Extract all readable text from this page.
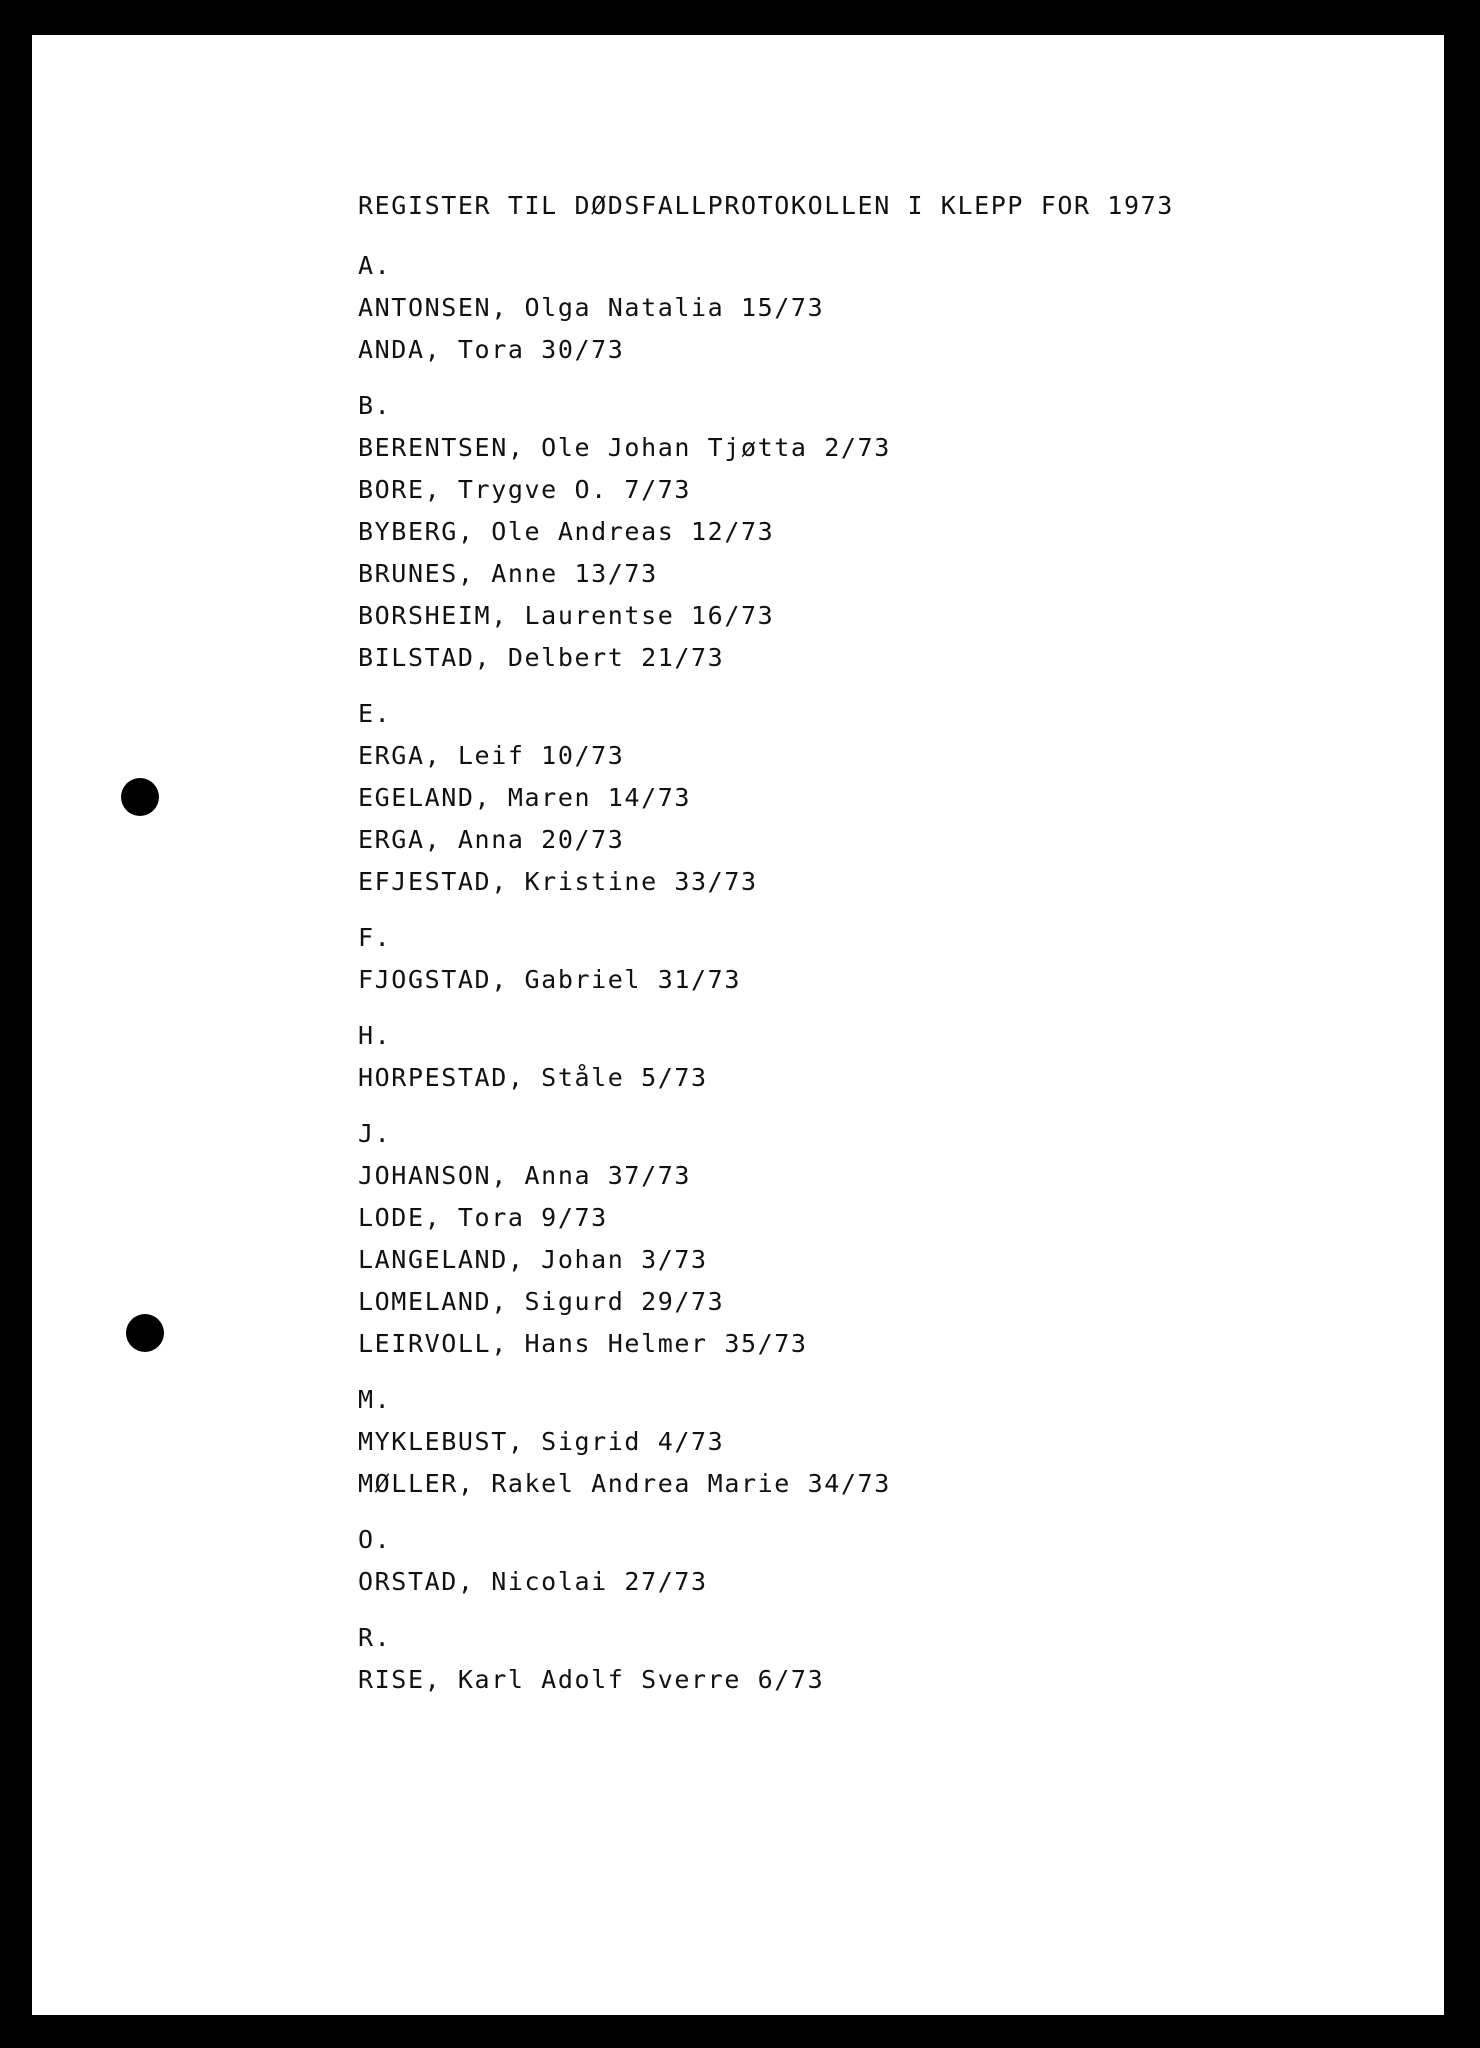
REGISTER TIL DØDSFALLPROTOKOLLEN I KLEPP FOR 1973
A.
ANTONSEN, Olga Natalia 15/73
ANDA, Tora 30/73
B.
BERENTSEN, Ole Johan Tjøtta 2/73
BORE, Trygve O. 7/73
BYBERG, Ole Andreas 12/73
BRUNES, Anne 13/73
BORSHEIM, Laurentse 16/73
BILSTAD, Delbert 21/73
E.
ERGA, Leif 10/73
EGELAND, Maren 14/73
ERGA, Anna 20/73
EFJESTAD, Kristine 33/73
F.
FJOGSTAD, Gabriel 31/73
H.
HORPESTAD, Ståle 5/73
J.
JOHANSON, Anna 37/73
LODE, Tora 9/73
LANGELAND, Johan 3/73
LOMELAND, Sigurd 29/73
LEIRVOLL, Hans Helmer 35/73
M.
MYKLEBUST, Sigrid 4/73
MØLLER, Rakel Andrea Marie 34/73
O.
ORSTAD, Nicolai 27/73
R.
RISE, Karl Adolf Sverre 6/73
